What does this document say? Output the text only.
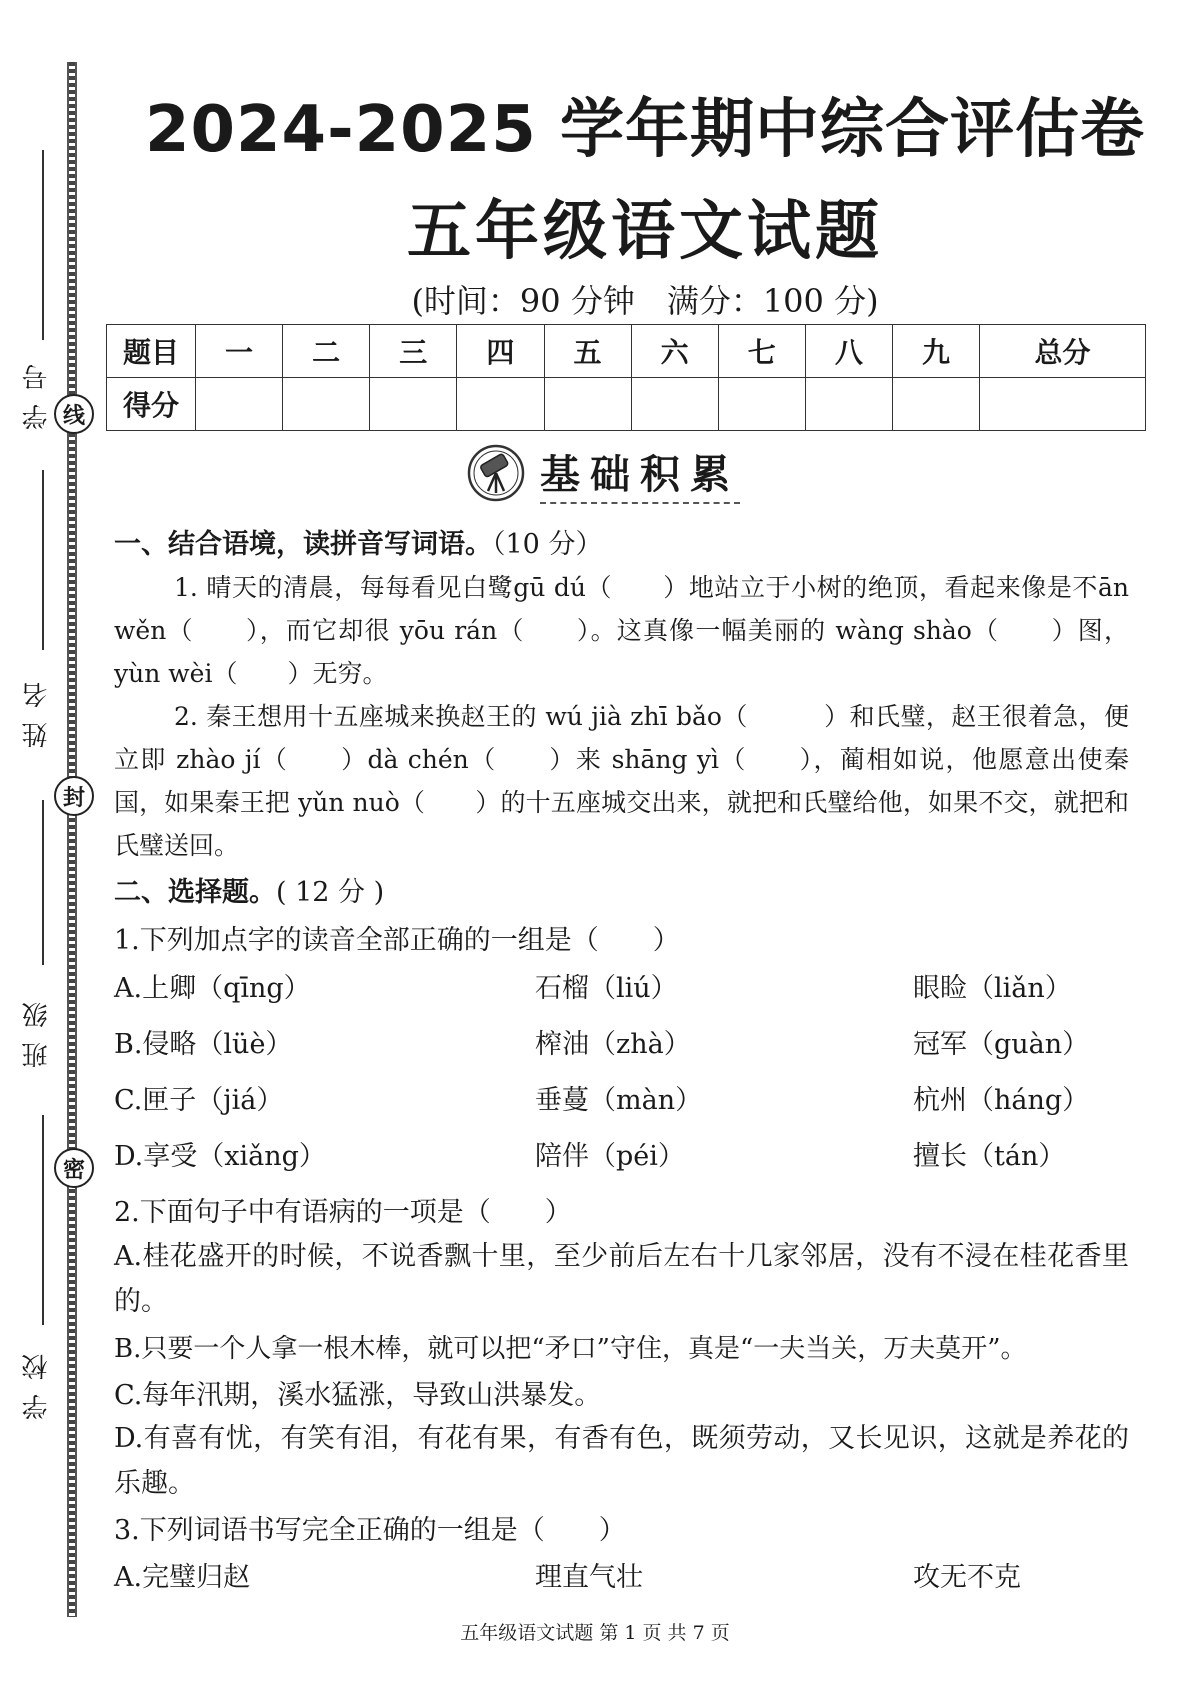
线
封
密
学号
姓名
班级
学校
2024-2025 学年期中综合评估卷
五年级语文试题
(时间：90 分钟　满分：100 分)
题目	一	二	三	四	五	六	七	八	九	总分
得分										
基础积累
一、结合语境，读拼音写词语。（10 分）
1. 晴天的清晨，每每看见白鹭gū dú（　　）地站立于小树的绝顶，看起来像是不ān wěn（　　），而它却很 yōu rán（　　）。这真像一幅美丽的 wàng shào（　　）图，yùn wèi（　　）无穷。
2. 秦王想用十五座城来换赵王的 wú jià zhī bǎo（　　　）和氏璧，赵王很着急，便立即 zhào jí（　　）dà chén（　　）来 shāng yì（　　），蔺相如说，他愿意出使秦国，如果秦王把 yǔn nuò（　　）的十五座城交出来，就把和氏璧给他，如果不交，就把和氏璧送回。
二、选择题。( 12 分 )
1.下列加点字的读音全部正确的一组是（　　）
A.上卿（qīng）	石榴（liú）	眼睑（liǎn）
B.侵略（lüè）	榨油（zhà）	冠军（guàn）
C.匣子（jiá）	垂蔓（màn）	杭州（háng）
D.享受（xiǎng）	陪伴（péi）	擅长（tán）
2.下面句子中有语病的一项是（　　）
A.桂花盛开的时候，不说香飘十里，至少前后左右十几家邻居，没有不浸在桂花香里的。
B.只要一个人拿一根木棒，就可以把“矛口”守住，真是“一夫当关，万夫莫开”。
C.每年汛期，溪水猛涨，导致山洪暴发。
D.有喜有忧，有笑有泪，有花有果，有香有色，既须劳动，又长见识，这就是养花的乐趣。
3.下列词语书写完全正确的一组是（　　）
A.完璧归赵	理直气壮	攻无不克
五年级语文试题 第 1 页 共 7 页
